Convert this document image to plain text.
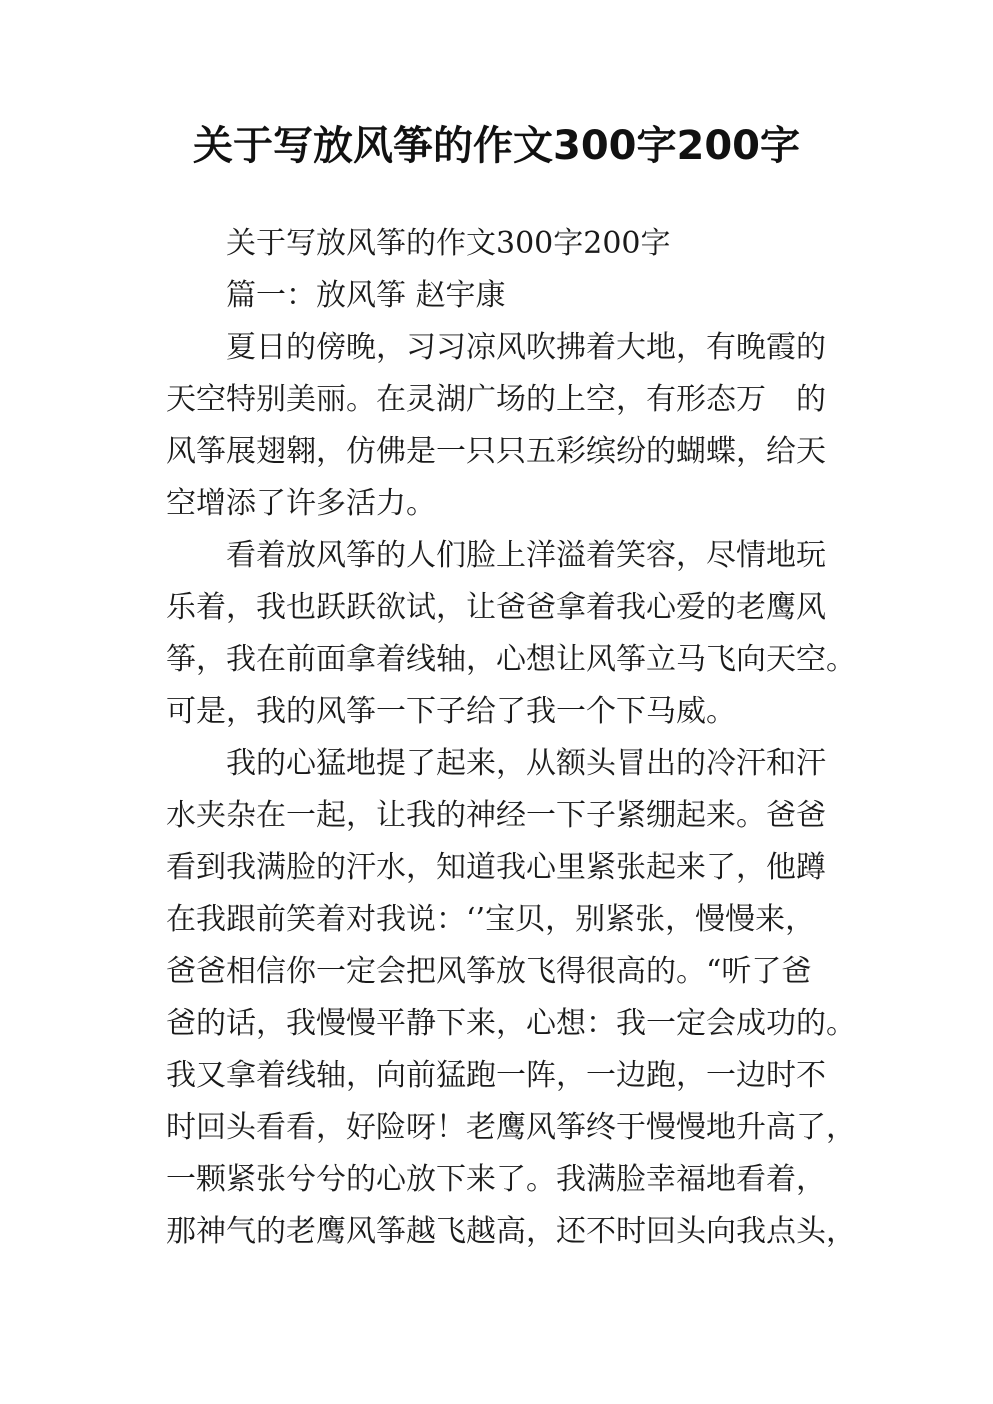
关于写放风筝的作文300字200字
关于写放风筝的作文300字200字
篇一：放风筝 赵宇康
夏日的傍晚，习习凉风吹拂着大地，有晚霞的
天空特别美丽。在灵湖广场的上空，有形态万　的
风筝展翅翱，仿佛是一只只五彩缤纷的蝴蝶，给天
空增添了许多活力。
看着放风筝的人们脸上洋溢着笑容，尽情地玩
乐着，我也跃跃欲试，让爸爸拿着我心爱的老鹰风
筝，我在前面拿着线轴，心想让风筝立马飞向天空。
可是，我的风筝一下子给了我一个下马威。
我的心猛地提了起来，从额头冒出的冷汗和汗
水夹杂在一起，让我的神经一下子紧绷起来。爸爸
看到我满脸的汗水，知道我心里紧张起来了，他蹲
在我跟前笑着对我说：‘’宝贝，别紧张，慢慢来，
爸爸相信你一定会把风筝放飞得很高的。“听了爸
爸的话，我慢慢平静下来，心想：我一定会成功的。
我又拿着线轴，向前猛跑一阵，一边跑，一边时不
时回头看看，好险呀！老鹰风筝终于慢慢地升高了，
一颗紧张兮兮的心放下来了。我满脸幸福地看着，
那神气的老鹰风筝越飞越高，还不时回头向我点头，
